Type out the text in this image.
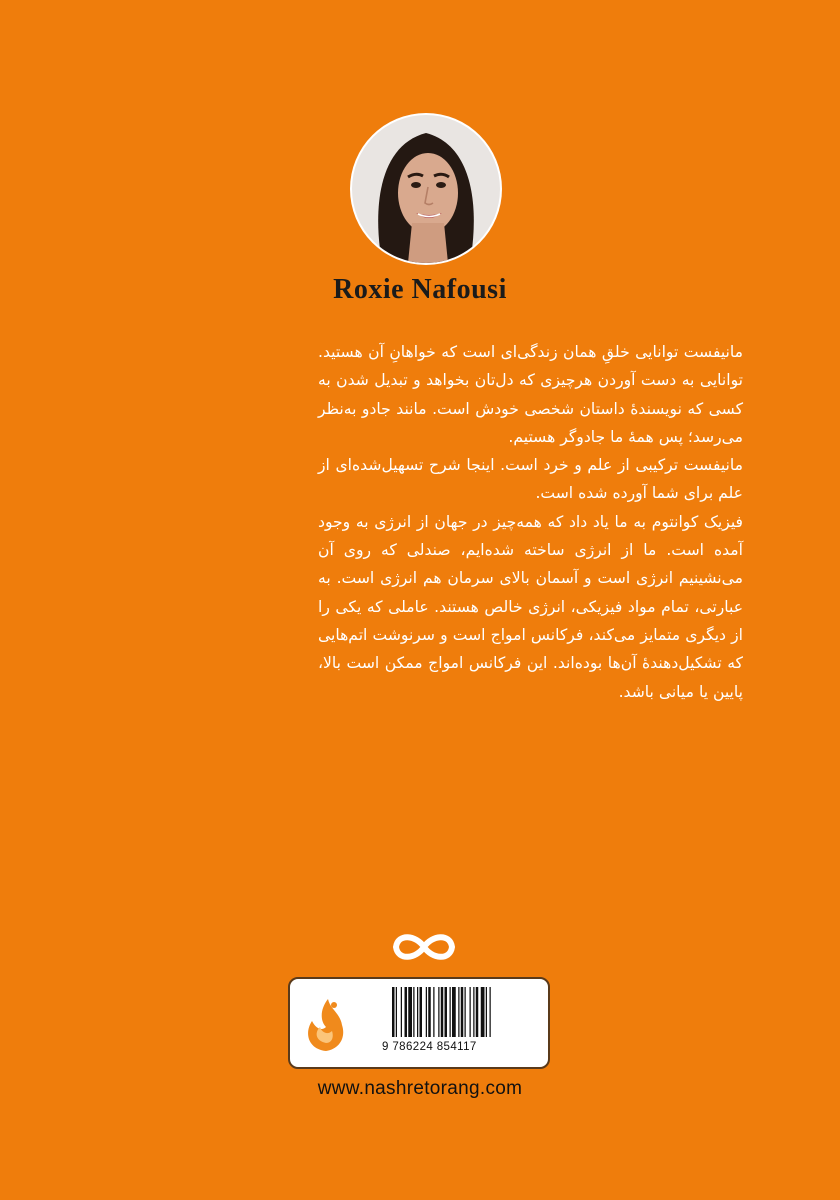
Roxie Nafousi

مانیفست توانایی خلقِ همان زندگی‌ای است که خواهانِ آن هستید. توانایی به دست آوردن هرچیزی که دل‌تان بخواهد و تبدیل شدن به کسی که نویسندهٔ داستان شخصی خودش است. مانند جادو به‌نظر می‌رسد؛ پس همهٔ ما جادوگر هستیم.

مانیفست ترکیبی از علم و خرد است. اینجا شرح تسهیل‌شده‌ای از علم برای شما آورده شده است.

فیزیک کوانتوم به ما یاد داد که همه‌چیز در جهان از انرژی به وجود آمده است. ما از انرژی ساخته شده‌ایم، صندلی که روی آن می‌نشینیم انرژی است و آسمان بالای سرمان هم انرژی است. به عبارتی، تمام مواد فیزیکی، انرژی خالص هستند. عاملی که یکی را از دیگری متمایز می‌کند، فرکانس امواج است و سرنوشت اتم‌هایی که تشکیل‌دهندهٔ آن‌ها بوده‌اند. این فرکانس امواج ممکن است بالا، پایین یا میانی باشد.

9 786224 854117
www.nashretorang.com
